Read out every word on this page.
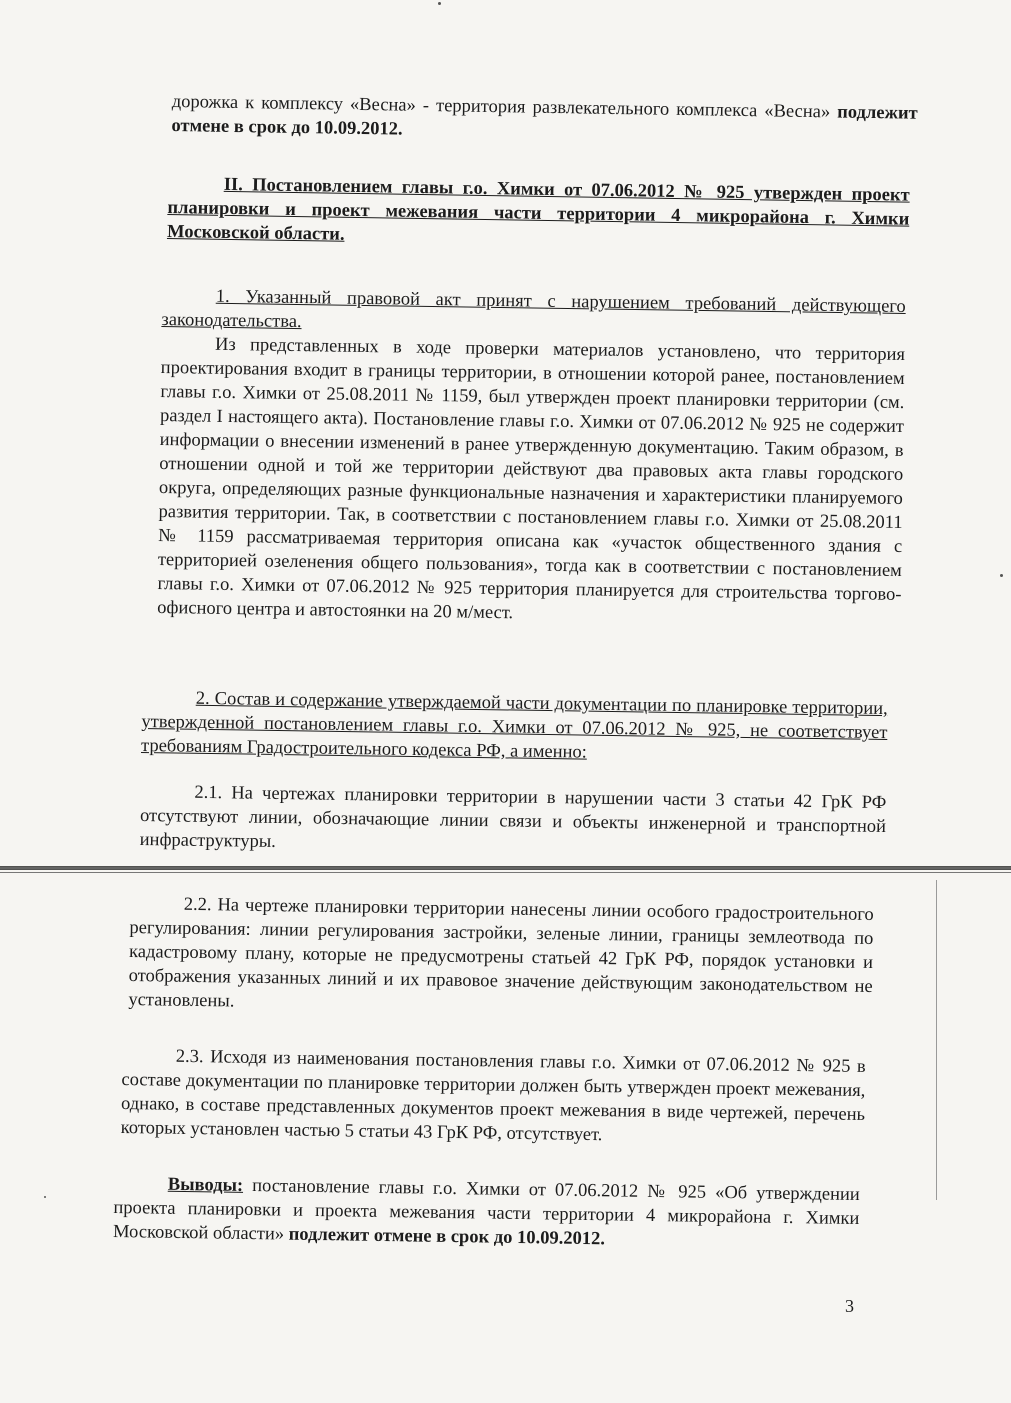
дорожка к комплексу «Весна» - территория развлекательного комплекса «Весна» подлежит отмене в срок до 10.09.2012.
II. Постановлением главы г.о. Химки от 07.06.2012 № 925 утвержден проект планировки и проект межевания части территории 4 микрорайона г. Химки Московской области.
1. Указанный правовой акт принят с нарушением требований действующего законодательства.
Из представленных в ходе проверки материалов установлено, что территория проектирования входит в границы территории, в отношении которой ранее, постановлением главы г.о. Химки от 25.08.2011 № 1159, был утвержден проект планировки территории (см. раздел I настоящего акта). Постановление главы г.о. Химки от 07.06.2012 № 925 не содержит информации о внесении изменений в ранее утвержденную документацию. Таким образом, в отношении одной и той же территории действуют два правовых акта главы городского округа, определяющих разные функциональные назначения и характеристики планируемого развития территории. Так, в соответствии с постановлением главы г.о. Химки от 25.08.2011 № 1159 рассматриваемая территория описана как «участок общественного здания с территорией озеленения общего пользования», тогда как в соответствии с постановлением главы г.о. Химки от 07.06.2012 № 925 территория планируется для строительства торгово-офисного центра и автостоянки на 20 м/мест.
2. Состав и содержание утверждаемой части документации по планировке территории, утвержденной постановлением главы г.о. Химки от 07.06.2012 № 925, не соответствует требованиям Градостроительного кодекса РФ, а именно:
2.1. На чертежах планировки территории в нарушении части 3 статьи 42 ГрК РФ отсутствуют линии, обозначающие линии связи и объекты инженерной и транспортной инфраструктуры.
2.2. На чертеже планировки территории нанесены линии особого градостроительного регулирования: линии регулирования застройки, зеленые линии, границы землеотвода по кадастровому плану, которые не предусмотрены статьей 42 ГрК РФ, порядок установки и отображения указанных линий и их правовое значение действующим законодательством не установлены.
2.3. Исходя из наименования постановления главы г.о. Химки от 07.06.2012 № 925 в составе документации по планировке территории должен быть утвержден проект межевания, однако, в составе представленных документов проект межевания в виде чертежей, перечень которых установлен частью 5 статьи 43 ГрК РФ, отсутствует.
Выводы: постановление главы г.о. Химки от 07.06.2012 № 925 «Об утверждении проекта планировки и проекта межевания части территории 4 микрорайона г. Химки Московской области» подлежит отмене в срок до 10.09.2012.
3
